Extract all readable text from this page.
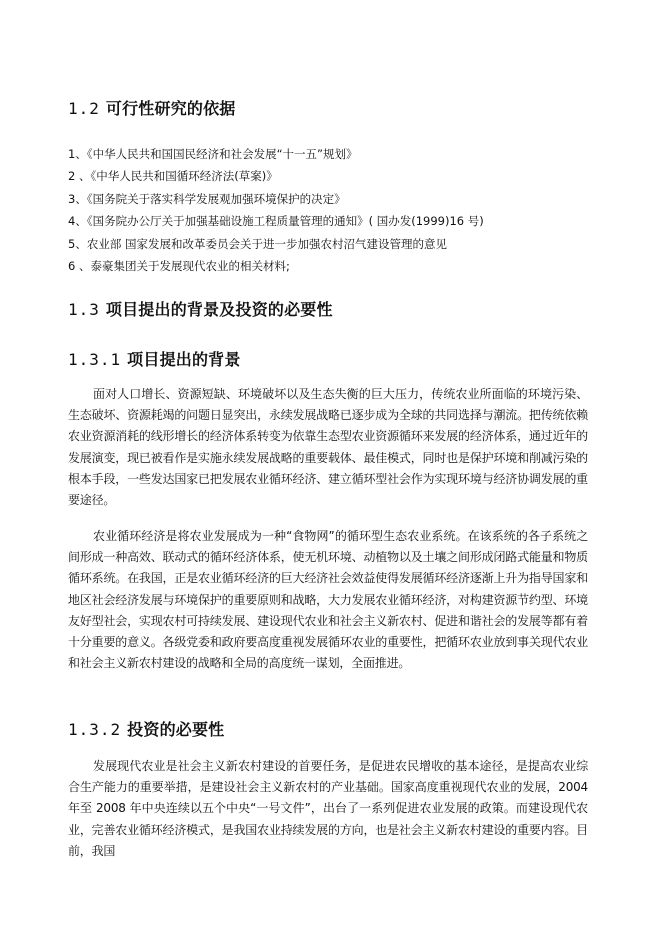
1.2 可行性研究的依据
1、《中华人民共和国国民经济和社会发展“十一五”规划》
2 、《中华人民共和国循环经济法(草案)》
3、《国务院关于落实科学发展观加强环境保护的决定》
4、《国务院办公厅关于加强基础设施工程质量管理的通知》( 国办发(1999)16 号)
5、农业部 国家发展和改革委员会关于进一步加强农村沼气建设管理的意见
6 、泰豪集团关于发展现代农业的相关材料;
1.3 项目提出的背景及投资的必要性
1.3.1 项目提出的背景

面对人口增长、资源短缺、环境破坏以及生态失衡的巨大压力，传统农业所面临的环境污染、生态破坏、资源耗竭的问题日显突出，永续发展战略已逐步成为全球的共同选择与潮流。把传统依赖农业资源消耗的线形增长的经济体系转变为依靠生态型农业资源循环来发展的经济体系，通过近年的发展演变，现已被看作是实施永续发展战略的重要载体、最佳模式，同时也是保护环境和削减污染的根本手段，一些发达国家已把发展农业循环经济、建立循环型社会作为实现环境与经济协调发展的重要途径。

农业循环经济是将农业发展成为一种“食物网”的循环型生态农业系统。在该系统的各子系统之间形成一种高效、联动式的循环经济体系，使无机环境、动植物以及土壤之间形成闭路式能量和物质循环系统。在我国，正是农业循环经济的巨大经济社会效益使得发展循环经济逐渐上升为指导国家和地区社会经济发展与环境保护的重要原则和战略，大力发展农业循环经济，对构建资源节约型、环境友好型社会，实现农村可持续发展、建设现代农业和社会主义新农村、促进和谐社会的发展等都有着十分重要的意义。各级党委和政府要高度重视发展循环农业的重要性，把循环农业放到事关现代农业和社会主义新农村建设的战略和全局的高度统一谋划，全面推进。

1.3.2 投资的必要性

发展现代农业是社会主义新农村建设的首要任务，是促进农民增收的基本途径，是提高农业综合生产能力的重要举措，是建设社会主义新农村的产业基础。国家高度重视现代农业的发展，2004 年至 2008 年中央连续以五个中央“一号文件”，出台了一系列促进农业发展的政策。而建设现代农业，完善农业循环经济模式，是我国农业持续发展的方向，也是社会主义新农村建设的重要内容。目前，我国
